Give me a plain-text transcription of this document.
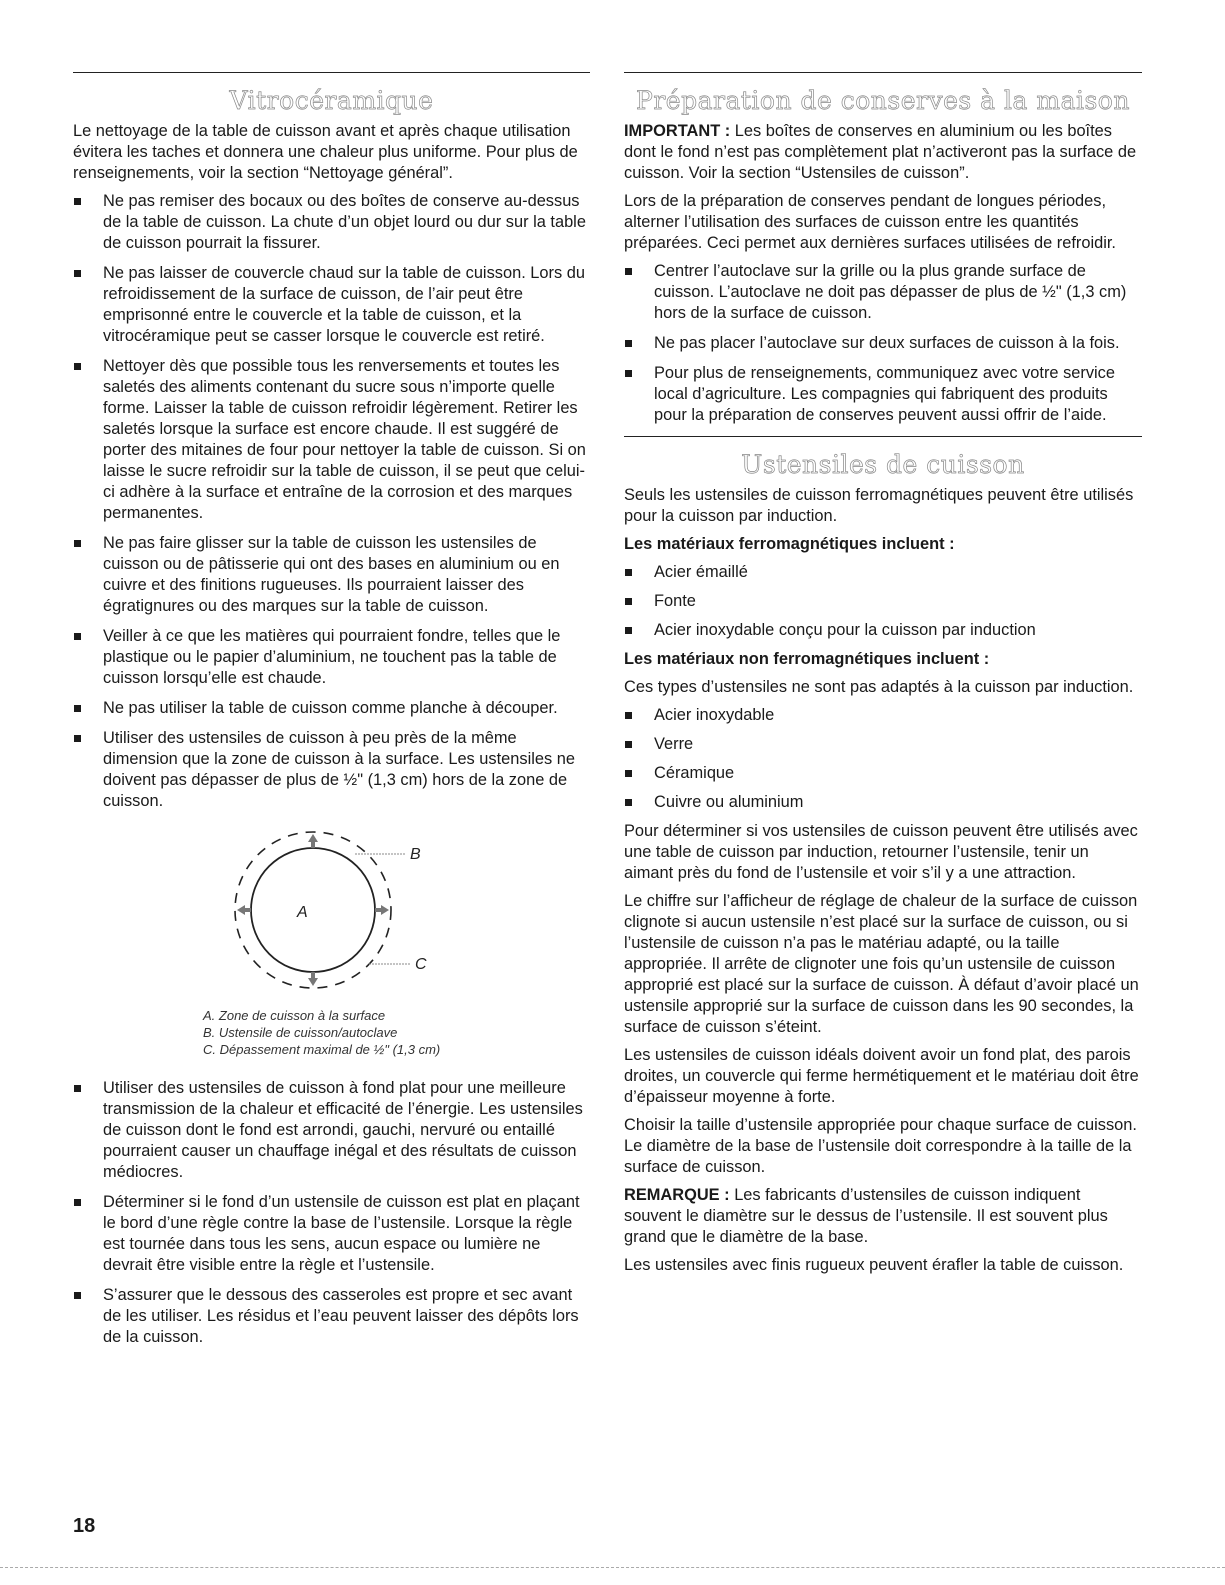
Vitrocéramique

Le nettoyage de la table de cuisson avant et après chaque utilisation évitera les taches et donnera une chaleur plus uniforme. Pour plus de renseignements, voir la section “Nettoyage général”.

Ne pas remiser des bocaux ou des boîtes de conserve au-dessus de la table de cuisson. La chute d’un objet lourd ou dur sur la table de cuisson pourrait la fissurer.
Ne pas laisser de couvercle chaud sur la table de cuisson. Lors du refroidissement de la surface de cuisson, de l’air peut être emprisonné entre le couvercle et la table de cuisson, et la vitrocéramique peut se casser lorsque le couvercle est retiré.
Nettoyer dès que possible tous les renversements et toutes les saletés des aliments contenant du sucre sous n’importe quelle forme. Laisser la table de cuisson refroidir légèrement. Retirer les saletés lorsque la surface est encore chaude. Il est suggéré de porter des mitaines de four pour nettoyer la table de cuisson. Si on laisse le sucre refroidir sur la table de cuisson, il se peut que celui-ci adhère à la surface et entraîne de la corrosion et des marques permanentes.
Ne pas faire glisser sur la table de cuisson les ustensiles de cuisson ou de pâtisserie qui ont des bases en aluminium ou en cuivre et des finitions rugueuses. Ils pourraient laisser des égratignures ou des marques sur la table de cuisson.
Veiller à ce que les matières qui pourraient fondre, telles que le plastique ou le papier d’aluminium, ne touchent pas la table de cuisson lorsqu’elle est chaude.
Ne pas utiliser la table de cuisson comme planche à découper.
Utiliser des ustensiles de cuisson à peu près de la même dimension que la zone de cuisson à la surface. Les ustensiles ne doivent pas dépasser de plus de ½" (1,3 cm) hors de la zone de cuisson.
A
B
C
A. Zone de cuisson à la surface
B. Ustensile de cuisson/autoclave
C. Dépassement maximal de ½" (1,3 cm)
Utiliser des ustensiles de cuisson à fond plat pour une meilleure transmission de la chaleur et efficacité de l’énergie. Les ustensiles de cuisson dont le fond est arrondi, gauchi, nervuré ou entaillé pourraient causer un chauffage inégal et des résultats de cuisson médiocres.
Déterminer si le fond d’un ustensile de cuisson est plat en plaçant le bord d’une règle contre la base de l’ustensile. Lorsque la règle est tournée dans tous les sens, aucun espace ou lumière ne devrait être visible entre la règle et l’ustensile.
S’assurer que le dessous des casseroles est propre et sec avant de les utiliser. Les résidus et l’eau peuvent laisser des dépôts lors de la cuisson.
Préparation de conserves à la maison

IMPORTANT : Les boîtes de conserves en aluminium ou les boîtes dont le fond n’est pas complètement plat n’activeront pas la surface de cuisson. Voir la section “Ustensiles de cuisson”.

Lors de la préparation de conserves pendant de longues périodes, alterner l’utilisation des surfaces de cuisson entre les quantités préparées. Ceci permet aux dernières surfaces utilisées de refroidir.

Centrer l’autoclave sur la grille ou la plus grande surface de cuisson. L’autoclave ne doit pas dépasser de plus de ½" (1,3 cm) hors de la surface de cuisson.
Ne pas placer l’autoclave sur deux surfaces de cuisson à la fois.
Pour plus de renseignements, communiquez avec votre service local d’agriculture. Les compagnies qui fabriquent des produits pour la préparation de conserves peuvent aussi offrir de l’aide.
Ustensiles de cuisson

Seuls les ustensiles de cuisson ferromagnétiques peuvent être utilisés pour la cuisson par induction.

Les matériaux ferromagnétiques incluent :
Acier émaillé
Fonte
Acier inoxydable conçu pour la cuisson par induction
Les matériaux non ferromagnétiques incluent :

Ces types d’ustensiles ne sont pas adaptés à la cuisson par induction.

Acier inoxydable
Verre
Céramique
Cuivre ou aluminium

Pour déterminer si vos ustensiles de cuisson peuvent être utilisés avec une table de cuisson par induction, retourner l’ustensile, tenir un aimant près du fond de l’ustensile et voir s’il y a une attraction.

Le chiffre sur l’afficheur de réglage de chaleur de la surface de cuisson clignote si aucun ustensile n’est placé sur la surface de cuisson, ou si l’ustensile de cuisson n’a pas le matériau adapté, ou la taille appropriée. Il arrête de clignoter une fois qu’un ustensile de cuisson approprié est placé sur la surface de cuisson. À défaut d’avoir placé un ustensile approprié sur la surface de cuisson dans les 90 secondes, la surface de cuisson s’éteint.

Les ustensiles de cuisson idéals doivent avoir un fond plat, des parois droites, un couvercle qui ferme hermétiquement et le matériau doit être d’épaisseur moyenne à forte.

Choisir la taille d’ustensile appropriée pour chaque surface de cuisson. Le diamètre de la base de l’ustensile doit correspondre à la taille de la surface de cuisson.

REMARQUE : Les fabricants d’ustensiles de cuisson indiquent souvent le diamètre sur le dessus de l’ustensile. Il est souvent plus grand que le diamètre de la base.

Les ustensiles avec finis rugueux peuvent érafler la table de cuisson.

18
